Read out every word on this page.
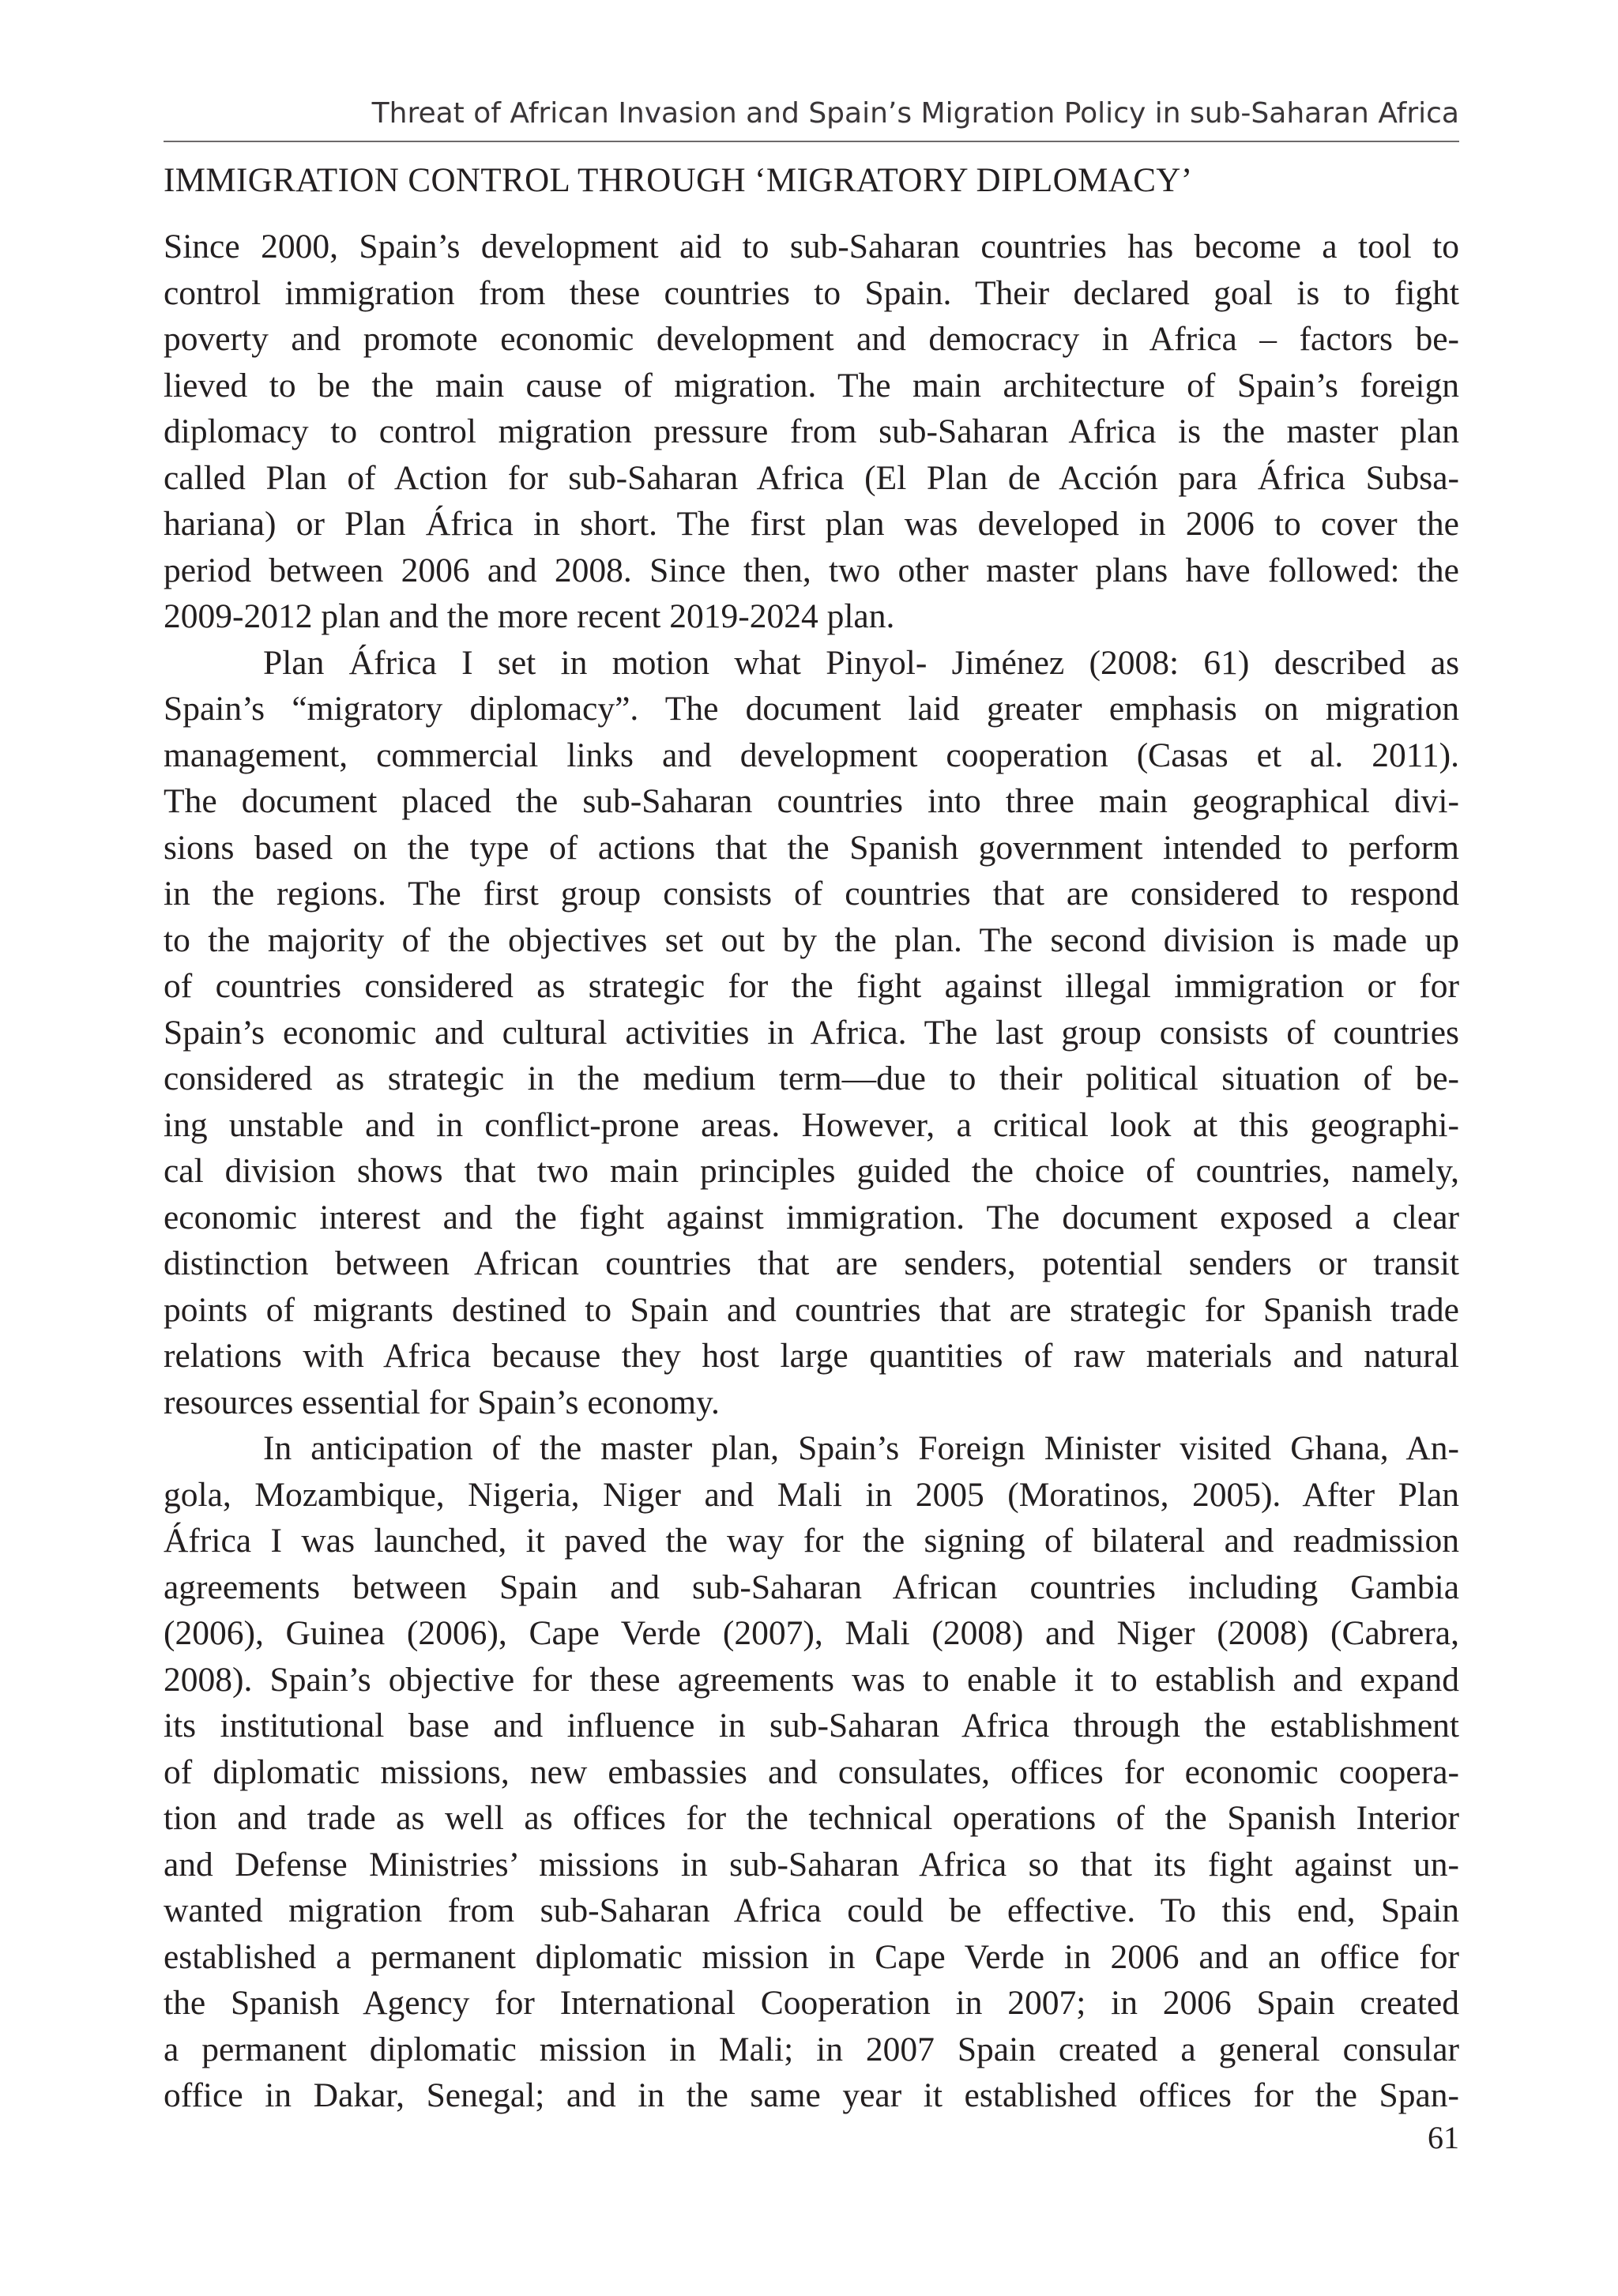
Threat of African Invasion and Spain’s Migration Policy in sub-Saharan Africa
IMMIGRATION CONTROL THROUGH ‘MIGRATORY DIPLOMACY’
Since 2000, Spain’s development aid to sub-Saharan countries has become a tool to
control immigration from these countries to Spain. Their declared goal is to fight
poverty and promote economic development and democracy in Africa – factors be-
lieved to be the main cause of migration. The main architecture of Spain’s foreign
diplomacy to control migration pressure from sub-Saharan Africa is the master plan
called Plan of Action for sub-Saharan Africa (El Plan de Acción para África Subsa-
hariana) or Plan África in short. The first plan was developed in 2006 to cover the
period between 2006 and 2008. Since then, two other master plans have followed: the
2009-2012 plan and the more recent 2019-2024 plan.
Plan África I set in motion what Pinyol- Jiménez (2008: 61) described as
Spain’s “migratory diplomacy”. The document laid greater emphasis on migration
management, commercial links and development cooperation (Casas et al. 2011).
The document placed the sub-Saharan countries into three main geographical divi-
sions based on the type of actions that the Spanish government intended to perform
in the regions. The first group consists of countries that are considered to respond
to the majority of the objectives set out by the plan. The second division is made up
of countries considered as strategic for the fight against illegal immigration or for
Spain’s economic and cultural activities in Africa. The last group consists of countries
considered as strategic in the medium term—due to their political situation of be-
ing unstable and in conflict-prone areas. However, a critical look at this geographi-
cal division shows that two main principles guided the choice of countries, namely,
economic interest and the fight against immigration. The document exposed a clear
distinction between African countries that are senders, potential senders or transit
points of migrants destined to Spain and countries that are strategic for Spanish trade
relations with Africa because they host large quantities of raw materials and natural
resources essential for Spain’s economy.
In anticipation of the master plan, Spain’s Foreign Minister visited Ghana, An-
gola, Mozambique, Nigeria, Niger and Mali in 2005 (Moratinos, 2005). After Plan
África I was launched, it paved the way for the signing of bilateral and readmission
agreements between Spain and sub-Saharan African countries including Gambia
(2006), Guinea (2006), Cape Verde (2007), Mali (2008) and Niger (2008) (Cabrera,
2008). Spain’s objective for these agreements was to enable it to establish and expand
its institutional base and influence in sub-Saharan Africa through the establishment
of diplomatic missions, new embassies and consulates, offices for economic coopera-
tion and trade as well as offices for the technical operations of the Spanish Interior
and Defense Ministries’ missions in sub-Saharan Africa so that its fight against un-
wanted migration from sub-Saharan Africa could be effective. To this end, Spain
established a permanent diplomatic mission in Cape Verde in 2006 and an office for
the Spanish Agency for International Cooperation in 2007; in 2006 Spain created
a permanent diplomatic mission in Mali; in 2007 Spain created a general consular
office in Dakar, Senegal; and in the same year it established offices for the Span-
61
